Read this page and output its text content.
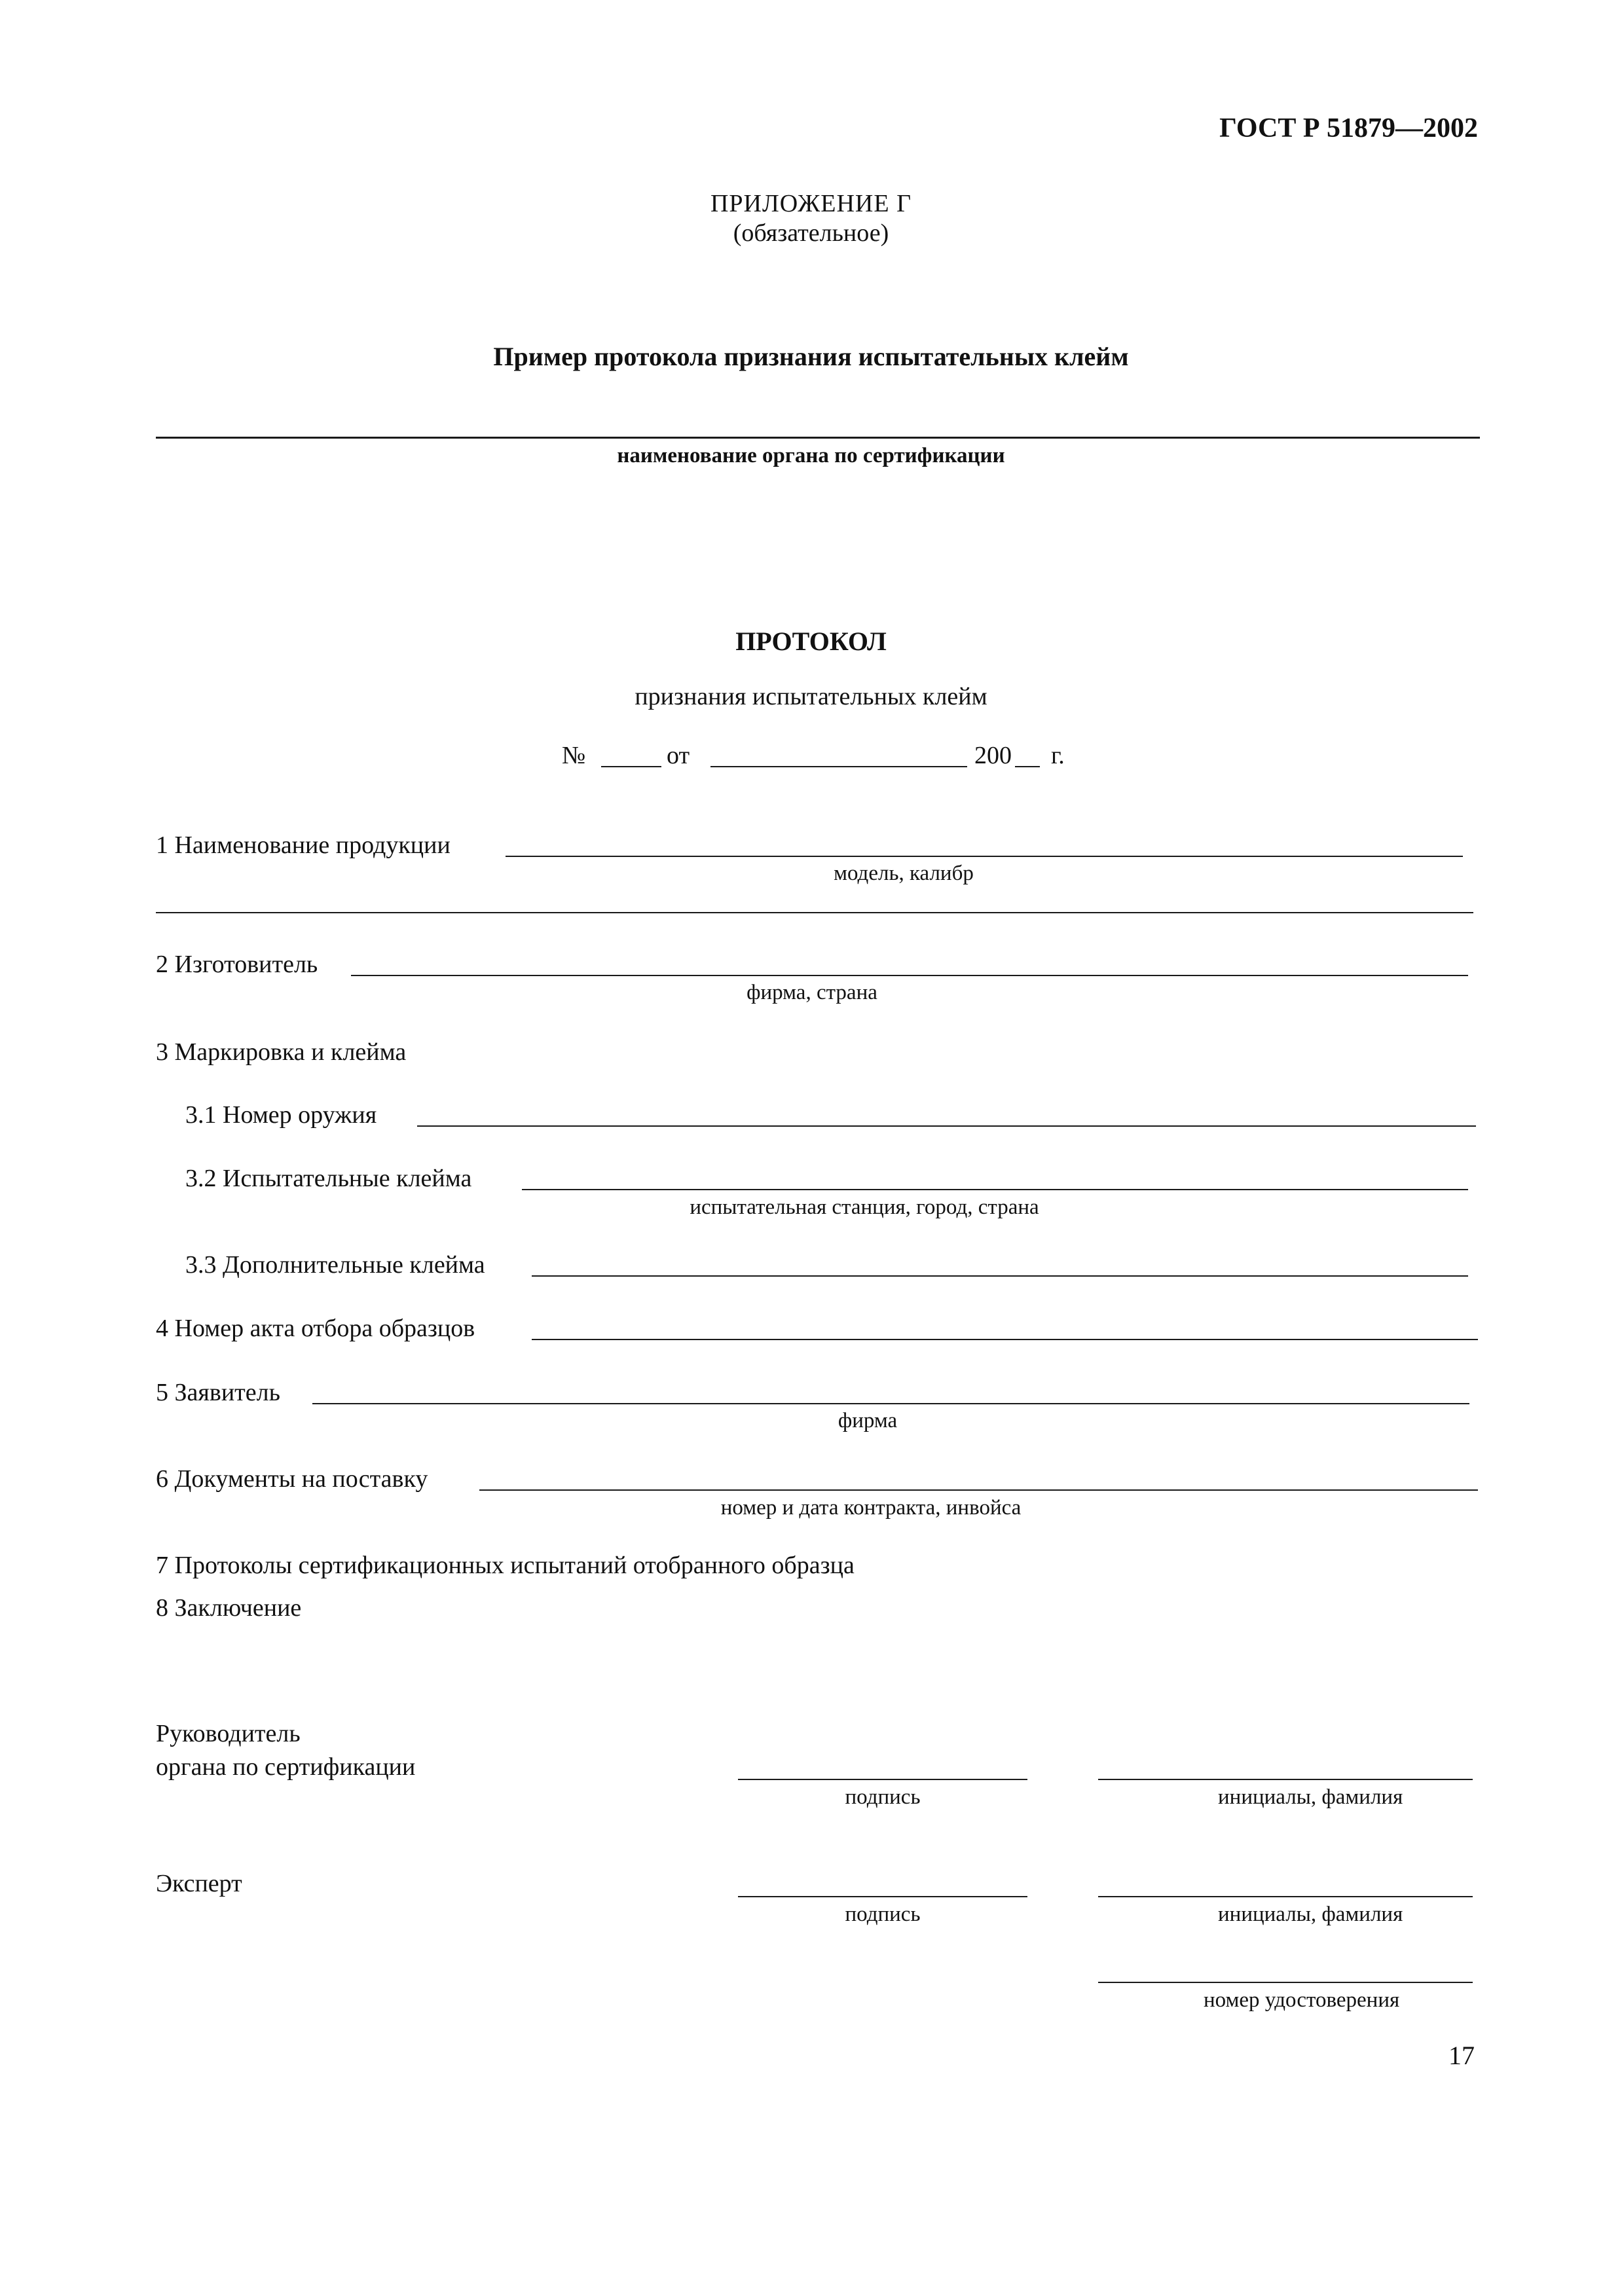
ГОСТ Р 51879—2002
ПРИЛОЖЕНИЕ Г
(обязательное)
Пример протокола признания испытательных клейм
наименование органа по сертификации
ПРОТОКОЛ
признания испытательных клейм
№	от	200 г.
1 Наименование продукции
модель, калибр
2 Изготовитель
фирма, страна
3 Маркировка и клейма
3.1 Номер оружия
3.2 Испытательные клейма
испытательная станция, город, страна
3.3 Дополнительные клейма
4 Номер акта отбора образцов
5 Заявитель
фирма
6 Документы на поставку
номер и дата контракта, инвойса
7 Протоколы сертификационных испытаний отобранного образца
8 Заключение
Руководитель
органа по сертификации
подпись	инициалы, фамилия
Эксперт
подпись	инициалы, фамилия
номер удостоверения
17
